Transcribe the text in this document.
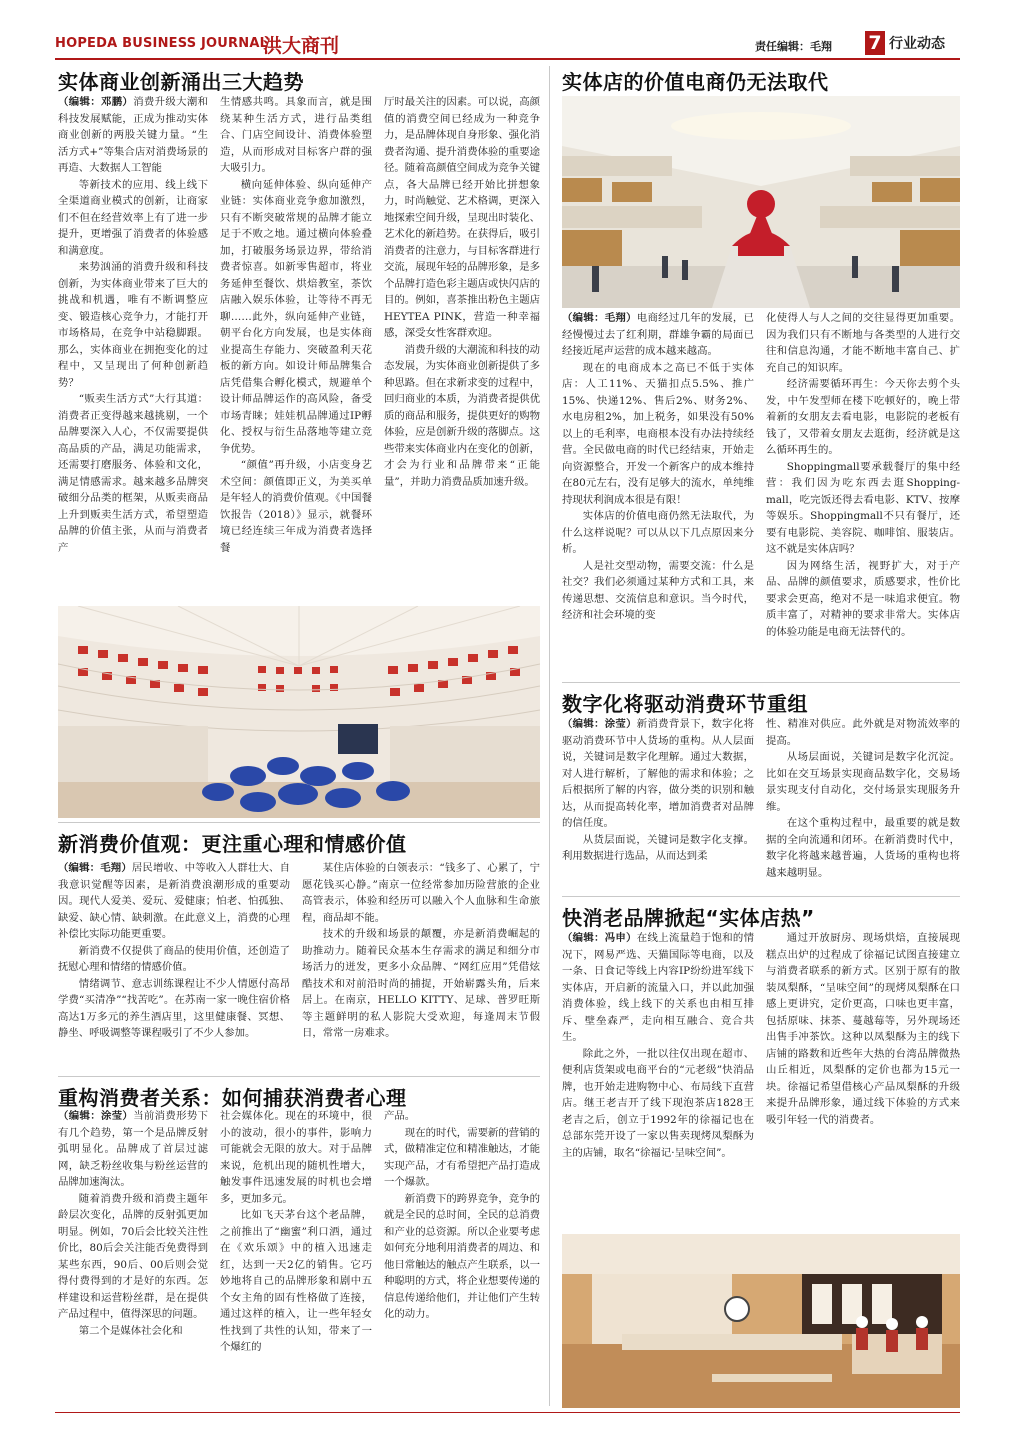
HOPEDA BUSINESS JOURNAL
洪大商刊	责任编辑：毛翔 7 行业动态
实体商业创新涌出三大趋势

（编辑：邓鹏）消费升级大潮和科技发展赋能，正成为推动实体商业创新的两股关键力量。“生活方式+”等集合店对消费场景的再造、大数据人工智能

等新技术的应用、线上线下全渠道商业模式的创新，让商家们不但在经营效率上有了进一步提升，更增强了消费者的体验感和满意度。

来势汹涌的消费升级和科技创新，为实体商业带来了巨大的挑战和机遇，唯有不断调整应变、锻造核心竞争力，才能打开市场格局，在竞争中站稳脚跟。那么，实体商业在拥抱变化的过程中，又呈现出了何种创新趋势？

“贩卖生活方式”大行其道：消费者正变得越来越挑剔，一个品牌要深入人心，不仅需要提供高品质的产品，满足功能需求，还需要打磨服务、体验和文化，满足情感需求。越来越多品牌突破细分品类的框架，从贩卖商品上升到贩卖生活方式，希望塑造品牌的价值主张，从而与消费者产

生情感共鸣。具象而言，就是围绕某种生活方式，进行品类组合、门店空间设计、消费体验塑造，从而形成对目标客户群的强大吸引力。

横向延伸体验、纵向延伸产业链：实体商业竞争愈加激烈，只有不断突破常规的品牌才能立足于不败之地。通过横向体验叠加，打破服务场景边界，带给消费者惊喜。如新零售超市，将业务延伸至餐饮、烘焙教室，茶饮店融入娱乐体验，让等待不再无聊……此外，纵向延伸产业链，朝平台化方向发展，也是实体商业提高生存能力、突破盈利天花板的新方向。如设计师品牌集合店凭借集合孵化模式，规避单个设计师品牌运作的高风险，备受市场青睐；娃娃机品牌通过IP孵化、授权与衍生品落地等建立竞争优势。

“颜值”再升级，小店变身艺术空间：颜值即正义，为美买单是年轻人的消费价值观。《中国餐饮报告（2018）》显示，就餐环境已经连续三年成为消费者选择餐

厅时最关注的因素。可以说，高颜值的消费空间已经成为一种竞争力，是品牌体现自身形象、强化消费者沟通、提升消费体验的重要途径。随着高颜值空间成为竞争关键点，各大品牌已经开始比拼想象力，时尚触觉、艺术格调，更深入地探索空间升级，呈现出时装化、艺术化的新趋势。在获得后，吸引消费者的注意力，与目标客群进行交流，展现年轻的品牌形象，是多个品牌打造色彩主题店或快闪店的目的。例如，喜茶推出粉色主题店HEYTEA PINK，营造一种幸福感，深受女性客群欢迎。

消费升级的大潮流和科技的动态发展，为实体商业创新提供了多种思路。但在求新求变的过程中，回归商业的本质，为消费者提供优质的商品和服务，提供更好的购物体验，应是创新升级的落脚点。这些带来实体商业内在变化的创新，才会为行业和品牌带来“正能量”，并助力消费品质加速升级。

新消费价值观：更注重心理和情感价值

（编辑：毛翔）居民增收、中等收入人群壮大、自我意识觉醒等因素，是新消费浪潮形成的重要动因。现代人爱美、爱玩、爱健康；怕老、怕孤独、缺爱、缺心情、缺刺激。在此意义上，消费的心理补偿比实际功能更重要。

新消费不仅提供了商品的使用价值，还创造了抚慰心理和情绪的情感价值。

情绪调节、意志训练课程让不少人情愿付高昂学费“买清净”“找苦吃”。在苏南一家一晚住宿价格高达1万多元的养生酒店里，这里健康餐、冥想、静坐、呼吸调整等课程吸引了不少人参加。

某住店体验的白领表示：“钱多了、心累了，宁愿花钱买心静。”南京一位经常参加历险营旅的企业高管表示，体验和经历可以融入个人血脉和生命旅程，商品却不能。

技术的升级和场景的颠覆，亦是新消费崛起的助推动力。随着民众基本生存需求的满足和细分市场活力的迸发，更多小众品牌、“网红应用”凭借炫酷技术和对前沿时尚的捕捉，开始崭露头角，后来居上。在南京，HELLO KITTY、足球、普罗旺斯等主题鲜明的私人影院大受欢迎，每逢周末节假日，常常一房难求。

重构消费者关系：如何捕获消费者心理

（编辑：涂莹）当前消费形势下有几个趋势，第一个是品牌反射弧明显化。品牌成了首层过滤网，缺乏粉丝收集与粉丝运营的品牌加速淘汰。

随着消费升级和消费主题年龄层次变化，品牌的反射弧更加明显。例如，70后会比较关注性价比，80后会关注能否免费得到某些东西，90后、00后则会觉得付费得到的才是好的东西。怎样建设和运营粉丝群，是在提供产品过程中，值得深思的问题。

第二个是媒体社会化和

社会媒体化。现在的环境中，很小的波动，很小的事件，影响力可能就会无限的放大。对于品牌来说，危机出现的随机性增大，触发事件迅速发展的时机也会增多，更加多元。

比如飞天茅台这个老品牌，之前推出了“幽蜜”利口酒，通过在《欢乐颂》中的植入迅速走红，达到一天2亿的销售。它巧妙地将自己的品牌形象和剧中五个女主角的固有性格做了连接，通过这样的植入，让一些年轻女性找到了共性的认知，带来了一个爆红的

产品。

现在的时代，需要新的营销的式，做精准定位和精准触达，才能实现产品，才有希望把产品打造成一个爆款。

新消费下的跨界竞争，竞争的就是全民的总时间，全民的总消费和产业的总资源。所以企业要考虑如何充分地利用消费者的周边、和他日常触达的触点产生联系，以一种聪明的方式，将企业想要传递的信息传递给他们，并让他们产生转化的动力。

实体店的价值电商仍无法取代

（编辑：毛翔）电商经过几年的发展，已经慢慢过去了红利期，群雄争霸的局面已经接近尾声运营的成本越来越高。

现在的电商成本之高已不低于实体店：人工11%、天猫扣点5.5%、推广15%、快递12%、售后2%、财务2%、水电房租2%，加上税务，如果没有50%以上的毛利率，电商根本没有办法持续经营。全民做电商的时代已经结束，开始走向资源整合，开发一个新客户的成本维持在80元左右，没有足够大的流水，单纯维持现状利润成本很是有限！

实体店的价值电商仍然无法取代，为什么这样说呢？可以从以下几点原因来分析。

人是社交型动物，需要交流：什么是社交？我们必须通过某种方式和工具，来传递思想、交流信息和意识。当今时代，经济和社会环境的变

化使得人与人之间的交往显得更加重要。因为我们只有不断地与各类型的人进行交往和信息沟通，才能不断地丰富自己、扩充自己的知识库。

经济需要循环再生：今天你去剪个头发，中午发型师在楼下吃顿好的，晚上带着新的女朋友去看电影，电影院的老板有钱了，又带着女朋友去逛街，经济就是这么循环再生的。

Shoppingmall要承载餐厅的集中经营：我们因为吃东西去逛Shopping-mall，吃完饭还得去看电影、KTV、按摩等娱乐。Shoppingmall不只有餐厅，还要有电影院、美容院、咖啡馆、服装店。这不就是实体店吗？

因为网络生活，视野扩大，对于产品、品牌的颜值要求，质感要求，性价比要求会更高，绝对不是一味追求便宜。物质丰富了，对精神的要求非常大。实体店的体验功能是电商无法替代的。

数字化将驱动消费环节重组

（编辑：涂莹）新消费背景下，数字化将驱动消费环节中人货场的重构。从人层面说，关键词是数字化理解。通过大数据，对人进行解析，了解他的需求和体验；之后根据所了解的内容，做分类的识别和触达，从而提高转化率，增加消费者对品牌的信任度。

从货层面说，关键词是数字化支撑。利用数据进行选品，从而达到柔

性、精准对供应。此外就是对物流效率的提高。

从场层面说，关键词是数字化沉淀。比如在交互场景实现商品数字化，交易场景实现支付自动化，交付场景实现服务升维。

在这个重构过程中，最重要的就是数据的全向流通和闭环。在新消费时代中，数字化将越来越普遍，人货场的重构也将越来越明显。

快消老品牌掀起“实体店热”

（编辑：冯申）在线上流量趋于饱和的情况下，网易严选、天猫国际等电商，以及一条、日食记等线上内容IP纷纷进军线下实体店，开启新的流量入口，并以此加强消费体验，线上线下的关系也由相互排斥、壁垒森严，走向相互融合、竞合共生。

除此之外，一批以往仅出现在超市、便利店货架或电商平台的“元老级”快消品牌，也开始走进购物中心、布局线下直营店。继王老吉开了线下现泡茶店1828王老吉之后，创立于1992年的徐福记也在总部东莞开设了一家以售卖现烤凤梨酥为主的店铺，取名“徐福记·呈味空间”。

通过开放厨房、现场烘焙，直接展现糕点出炉的过程成了徐福记试图直接建立与消费者联系的新方式。区别于原有的散装凤梨酥，“呈味空间”的现烤凤梨酥在口感上更讲究，定价更高，口味也更丰富，包括原味、抹茶、蔓越莓等，另外现场还出售手冲茶饮。这种以凤梨酥为主的线下店铺的路数和近些年大热的台湾品牌微热山丘相近，凤梨酥的定价也都为15元一块。徐福记希望借核心产品凤梨酥的升级来提升品牌形象，通过线下体验的方式来吸引年轻一代的消费者。
